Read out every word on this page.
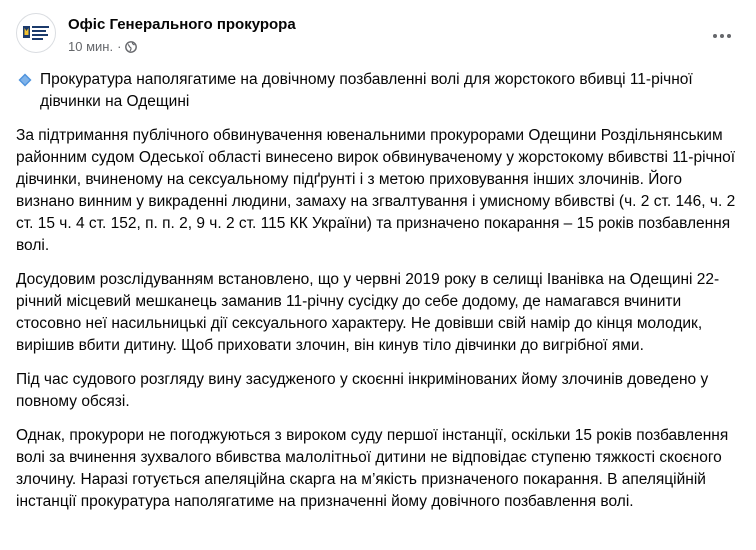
Офіс Генерального прокурора
10 мин. ·

Прокуратура наполягатиме на довічному позбавленні волі для жорстокого вбивці 11-річної дівчинки на Одещині

За підтримання публічного обвинувачення ювенальними прокурорами Одещини Роздільнянським районним судом Одеської області винесено вирок обвинуваченому у жорстокому вбивстві 11-річної дівчинки, вчиненому на сексуальному підґрунті і з метою приховування інших злочинів. Його визнано винним у викраденні людини, замаху на згвалтування і умисному вбивстві (ч. 2 ст. 146, ч. 2 ст. 15 ч. 4 ст. 152, п. п. 2, 9 ч. 2 ст. 115 КК України) та призначено покарання – 15 років позбавлення волі.

Досудовим розслідуванням встановлено, що у червні 2019 року в селищі Іванівка на Одещині 22-річний місцевий мешканець заманив 11-річну сусідку до себе додому, де намагався вчинити стосовно неї насильницькі дії сексуального характеру. Не довівши свій намір до кінця молодик, вирішив вбити дитину. Щоб приховати злочин, він кинув тіло дівчинки до вигрібної ями.

Під час судового розгляду вину засудженого у скоєнні інкримінованих йому злочинів доведено у повному обсязі.

Однак, прокурори не погоджуються з вироком суду першої інстанції, оскільки 15 років позбавлення волі за вчинення зухвалого вбивства малолітньої дитини не відповідає ступеню тяжкості скоєного злочину. Наразі готується апеляційна скарга на м’якість призначеного покарання. В апеляційній інстанції прокуратура наполягатиме на призначенні йому довічного позбавлення волі.
